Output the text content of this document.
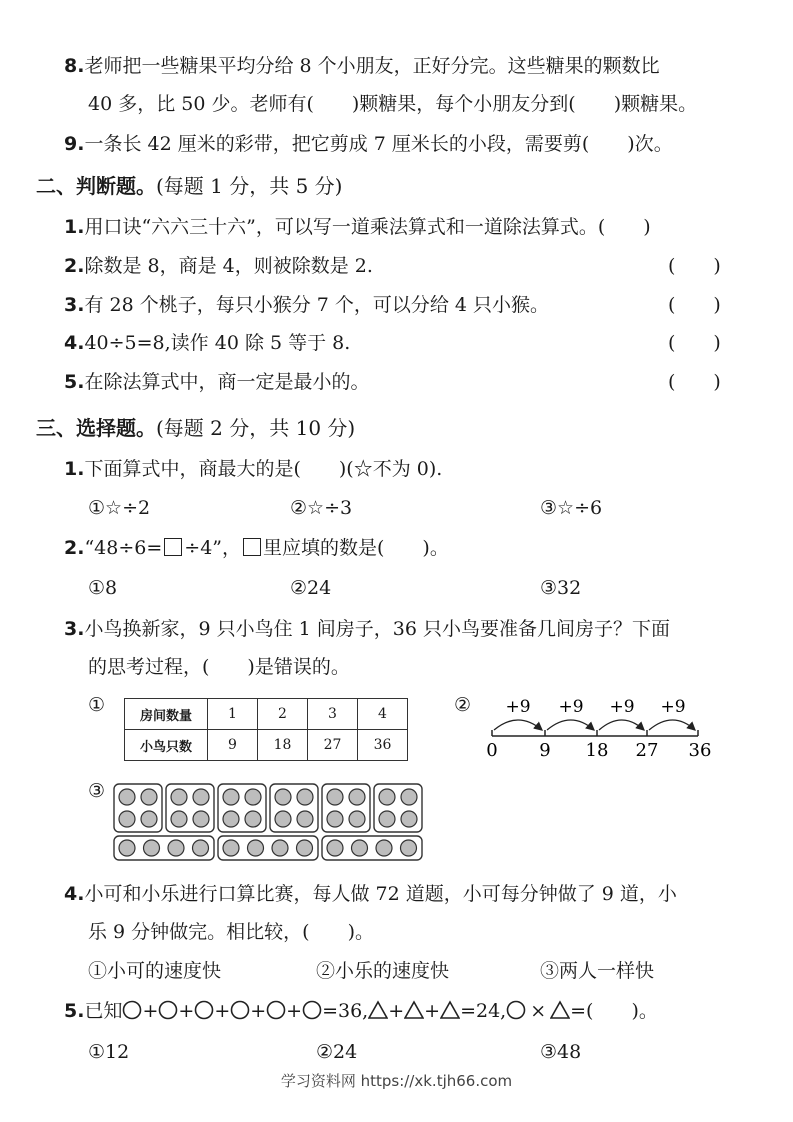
8.老师把一些糖果平均分给 8 个小朋友，正好分完。这些糖果的颗数比
40 多，比 50 少。老师有(　　)颗糖果，每个小朋友分到(　　)颗糖果。
9.一条长 42 厘米的彩带，把它剪成 7 厘米长的小段，需要剪(　　)次。
二、判断题。(每题 1 分，共 5 分)
1.用口诀“六六三十六”，可以写一道乘法算式和一道除法算式。(　　)
2.除数是 8，商是 4，则被除数是 2.	(　　)
3.有 28 个桃子，每只小猴分 7 个，可以分给 4 只小猴。	(　　)
4.40÷5=8,读作 40 除 5 等于 8.	(　　)
5.在除法算式中，商一定是最小的。	(　　)
三、选择题。(每题 2 分，共 10 分)
1.下面算式中，商最大的是(　　)(☆不为 0).
①☆÷2	②☆÷3	③☆÷6
2.“48÷6= ÷4”， 里应填的数是(　　)。
①8	②24	③32
3.小鸟换新家，9 只小鸟住 1 间房子，36 只小鸟要准备几间房子？下面
的思考过程，(　　)是错误的。
①	房间数量	1	2	3	4
小鸟只数	9	18	27	36
②
0 9 18 27 36
+9 +9 +9 +9
③
4.小可和小乐进行口算比赛，每人做 72 道题，小可每分钟做了 9 道，小
乐 9 分钟做完。相比较，(　　)。
①小可的速度快	②小乐的速度快	③两人一样快
5.已知 + + + + + =36, + + =24, × =(　　)。
①12	②24	③48
学习资料网 https://xk.tjh66.com
